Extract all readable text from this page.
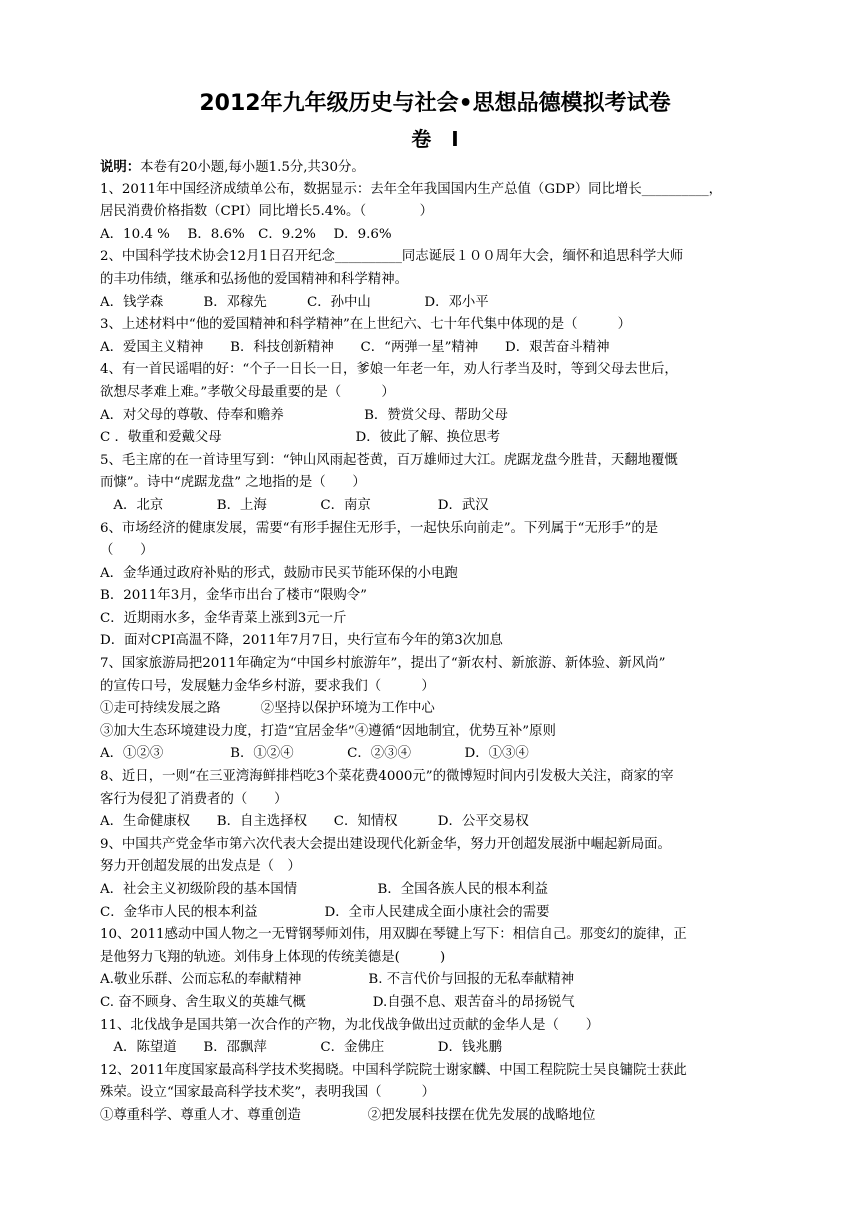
2012年九年级历史与社会•思想品德模拟考试卷
卷　Ⅰ
说明：本卷有20小题,每小题1.5分,共30分。
1、2011年中国经济成绩单公布，数据显示：去年全年我国国内生产总值（GDP）同比增长__________，
居民消费价格指数（CPI）同比增长5.4%。（　　　　）
A．10.4 %　 B．8.6%　C．9.2%　 D．9.6%
2、中国科学技术协会12月1日召开纪念__________同志诞辰１００周年大会，缅怀和追思科学大师
的丰功伟绩，继承和弘扬他的爱国精神和科学精神。
A．钱学森　　　B．邓稼先　　　C．孙中山　　　　D．邓小平
3、上述材料中“他的爱国精神和科学精神”在上世纪六、七十年代集中体现的是（　　　）
A．爱国主义精神　　B．科技创新精神　　C．“两弹一星”精神　　D．艰苦奋斗精神
4、有一首民谣唱的好：“个子一日长一日，爹娘一年老一年，劝人行孝当及时，等到父母去世后，
欲想尽孝难上难。”孝敬父母最重要的是（　　　）
A．对父母的尊敬、侍奉和赡养　　　　　　B．赞赏父母、帮助父母
C ．敬重和爱戴父母　　　　　　　　　　D．彼此了解、换位思考
5、毛主席的在一首诗里写到：“钟山风雨起苍黄，百万雄师过大江。虎踞龙盘今胜昔，天翻地覆慨
而慷”。诗中“虎踞龙盘” 之地指的是（　　）
　A．北京　　　　B．上海　　　　C．南京　　　　　D．武汉
6、市场经济的健康发展，需要“有形手握住无形手，一起快乐向前走”。下列属于“无形手”的是
（　　）
A．金华通过政府补贴的形式，鼓励市民买节能环保的小电跑
B．2011年3月，金华市出台了楼市“限购令”
C．近期雨水多，金华青菜上涨到3元一斤
D．面对CPI高温不降，2011年7月7日，央行宣布今年的第3次加息
7、国家旅游局把2011年确定为“中国乡村旅游年”，提出了“新农村、新旅游、新体验、新风尚”
的宣传口号，发展魅力金华乡村游，要求我们（　　　）
①走可持续发展之路　　　②坚持以保护环境为工作中心
③加大生态环境建设力度，打造“宜居金华”④遵循“因地制宜，优势互补”原则
A．①②③　　　　　B．①②④　　　　C．②③④　　　　D．①③④
8、近日，一则“在三亚湾海鲜排档吃3个菜花费4000元”的微博短时间内引发极大关注，商家的宰
客行为侵犯了消费者的（　　）
A．生命健康权　　B．自主选择权　　C．知情权　　　D．公平交易权
9、中国共产党金华市第六次代表大会提出建设现代化新金华，努力开创超发展浙中崛起新局面。
努力开创超发展的出发点是（　）
A．社会主义初级阶段的基本国情　　　　　　B．全国各族人民的根本利益
C．金华市人民的根本利益　　　　　D．全市人民建成全面小康社会的需要
10、2011感动中国人物之一无臂钢琴师刘伟，用双脚在琴键上写下：相信自己。那变幻的旋律，正
是他努力飞翔的轨迹。刘伟身上体现的传统美德是(　　　)
A.敬业乐群、公而忘私的奉献精神　　　　　B. 不言代价与回报的无私奉献精神
C. 奋不顾身、舍生取义的英雄气概　　　　　D.自强不息、艰苦奋斗的昂扬锐气
11、北伐战争是国共第一次合作的产物，为北伐战争做出过贡献的金华人是（　　）
　A．陈望道　　B．邵飘萍　　　　C．金佛庄　　　　D．钱兆鹏
12、2011年度国家最高科学技术奖揭晓。中国科学院院士谢家麟、中国工程院院士吴良镛院士获此
殊荣。设立“国家最高科学技术奖”，表明我国（　　　）
①尊重科学、尊重人才、尊重创造　　　　　②把发展科技摆在优先发展的战略地位
